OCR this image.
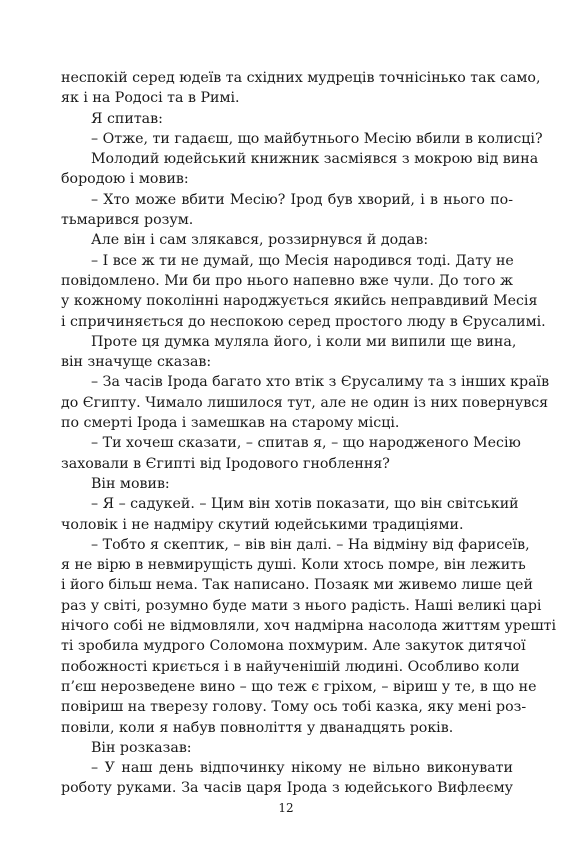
неспокій серед юдеїв та східних мудреців точнісінько так само,
як і на Родосі та в Римі.
Я спитав:
– Отже, ти гадаєш, що майбутнього Месію вбили в колисці?
Молодий юдейський книжник засміявся з мокрою від вина
бородою і мовив:
– Хто може вбити Месію? Ірод був хворий, і в нього по-
тьмарився розум.
Але він і сам злякався, роззирнувся й додав:
– І все ж ти не думай, що Месія народився тоді. Дату не
повідомлено. Ми би про нього напевно вже чули. До того ж
у кожному поколінні народжується якийсь неправдивий Месія
і спричиняється до неспокою серед простого люду в Єрусалимі.
Проте ця думка муляла його, і коли ми випили ще вина,
він значуще сказав:
– За часів Ірода багато хто втік з Єрусалиму та з інших країв
до Єгипту. Чимало лишилося тут, але не один із них повернувся
по смерті Ірода і замешкав на старому місці.
– Ти хочеш сказати, – спитав я, – що народженого Месію
заховали в Єгипті від Іродового гноблення?
Він мовив:
– Я – садукей. – Цим він хотів показати, що він світський
чоловік і не надміру скутий юдейськими традиціями.
– Тобто я скептик, – вів він далі. – На відміну від фарисеїв,
я не вірю в невмирущість душі. Коли хтось помре, він лежить
і його більш нема. Так написано. Позаяк ми живемо лише цей
раз у світі, розумно буде мати з нього радість. Наші великі царі
нічого собі не відмовляли, хоч надмірна насолода життям урешті
ті зробила мудрого Соломона похмурим. Але закуток дитячої
побожності криється і в найученішій людині. Особливо коли
п’єш нерозведене вино – що теж є гріхом, – віриш у те, в що не
повіриш на тверезу голову. Тому ось тобі казка, яку мені роз-
повіли, коли я набув повноліття у дванадцять років.
Він розказав:
– У наш день відпочинку нікому не вільно виконувати
роботу руками. За часів царя Ірода з юдейського Вифлеєму
12
